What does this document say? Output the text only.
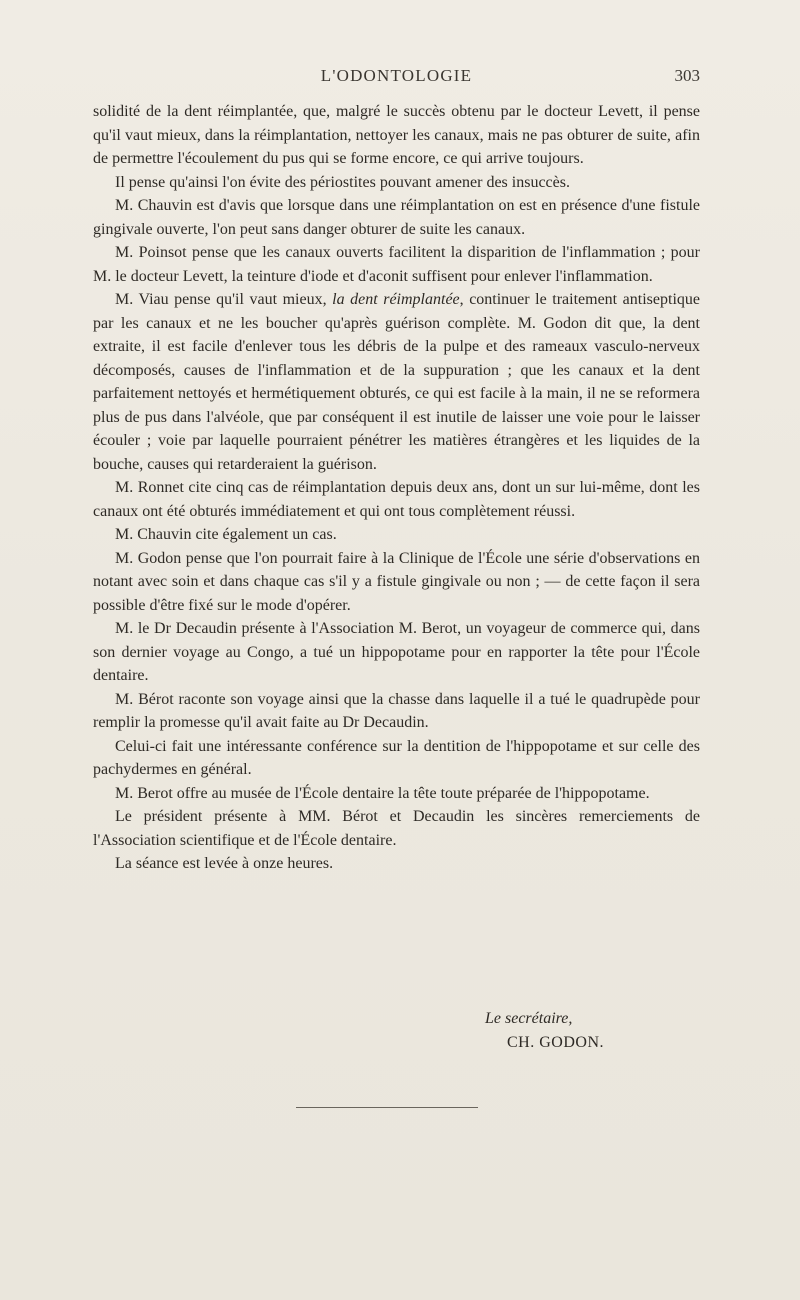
L'ODONTOLOGIE	303

solidité de la dent réimplantée, que, malgré le succès obtenu par le docteur Levett, il pense qu'il vaut mieux, dans la réimplantation, nettoyer les canaux, mais ne pas obturer de suite, afin de permettre l'écoulement du pus qui se forme encore, ce qui arrive toujours.

Il pense qu'ainsi l'on évite des périostites pouvant amener des insuccès.

M. Chauvin est d'avis que lorsque dans une réimplantation on est en présence d'une fistule gingivale ouverte, l'on peut sans danger obturer de suite les canaux.

M. Poinsot pense que les canaux ouverts facilitent la disparition de l'inflammation ; pour M. le docteur Levett, la teinture d'iode et d'aconit suffisent pour enlever l'inflammation.

M. Viau pense qu'il vaut mieux, la dent réimplantée, continuer le traitement antiseptique par les canaux et ne les boucher qu'après guérison complète. M. Godon dit que, la dent extraite, il est facile d'enlever tous les débris de la pulpe et des rameaux vasculo-nerveux décomposés, causes de l'inflammation et de la suppuration ; que les canaux et la dent parfaitement nettoyés et hermétiquement obturés, ce qui est facile à la main, il ne se reformera plus de pus dans l'alvéole, que par conséquent il est inutile de laisser une voie pour le laisser écouler ; voie par laquelle pourraient pénétrer les matières étrangères et les liquides de la bouche, causes qui retarderaient la guérison.

M. Ronnet cite cinq cas de réimplantation depuis deux ans, dont un sur lui-même, dont les canaux ont été obturés immédiatement et qui ont tous complètement réussi.

M. Chauvin cite également un cas.

M. Godon pense que l'on pourrait faire à la Clinique de l'École une série d'observations en notant avec soin et dans chaque cas s'il y a fistule gingivale ou non ; — de cette façon il sera possible d'être fixé sur le mode d'opérer.

M. le Dr Decaudin présente à l'Association M. Berot, un voyageur de commerce qui, dans son dernier voyage au Congo, a tué un hippopotame pour en rapporter la tête pour l'École dentaire.

M. Bérot raconte son voyage ainsi que la chasse dans laquelle il a tué le quadrupède pour remplir la promesse qu'il avait faite au Dr Decaudin.

Celui-ci fait une intéressante conférence sur la dentition de l'hippopotame et sur celle des pachydermes en général.

M. Berot offre au musée de l'École dentaire la tête toute préparée de l'hippopotame.

Le président présente à MM. Bérot et Decaudin les sincères remerciements de l'Association scientifique et de l'École dentaire.

La séance est levée à onze heures.

Le secrétaire,
CH. GODON.
